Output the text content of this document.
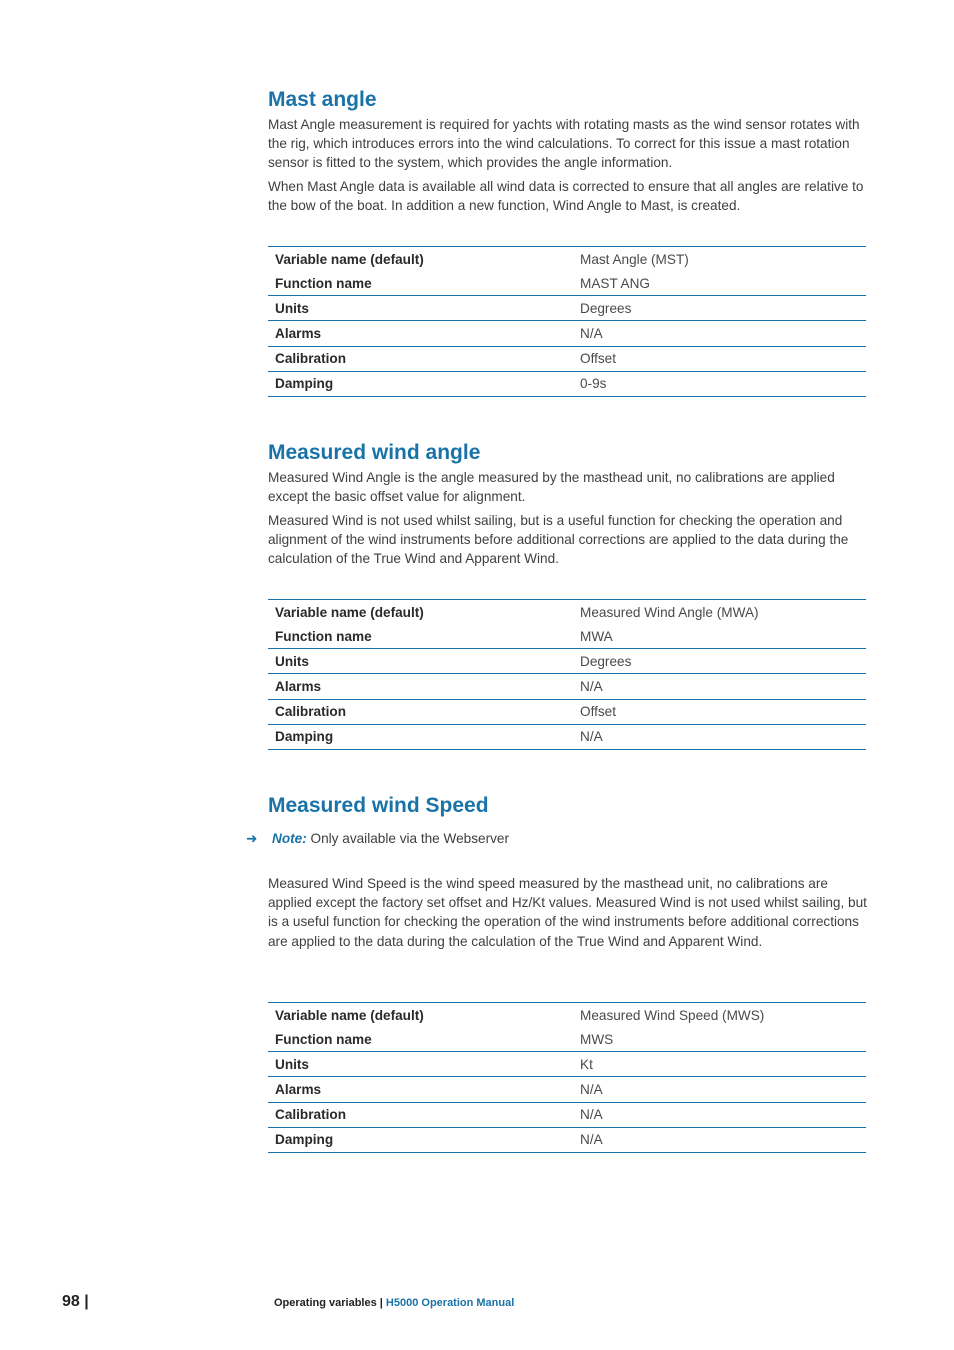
Mast angle

Mast Angle measurement is required for yachts with rotating masts as the wind sensor rotates with the rig, which introduces errors into the wind calculations. To correct for this issue a mast rotation sensor is fitted to the system, which provides the angle information.

When Mast Angle data is available all wind data is corrected to ensure that all angles are relative to the bow of the boat. In addition a new function, Wind Angle to Mast, is created.

Variable name (default)	Mast Angle (MST)
Function name	MAST ANG
Units	Degrees
Alarms	N/A
Calibration	Offset
Damping	0-9s
Measured wind angle

Measured Wind Angle is the angle measured by the masthead unit, no calibrations are applied except the basic offset value for alignment.

Measured Wind is not used whilst sailing, but is a useful function for checking the operation and alignment of the wind instruments before additional corrections are applied to the data during the calculation of the True Wind and Apparent Wind.

Variable name (default)	Measured Wind Angle (MWA)
Function name	MWA
Units	Degrees
Alarms	N/A
Calibration	Offset
Damping	N/A
Measured wind Speed
➜ Note: Only available via the Webserver

Measured Wind Speed is the wind speed measured by the masthead unit, no calibrations are applied except the factory set offset and Hz/Kt values. Measured Wind is not used whilst sailing, but is a useful function for checking the operation of the wind instruments before additional corrections are applied to the data during the calculation of the True Wind and Apparent Wind.

Variable name (default)	Measured Wind Speed (MWS)
Function name	MWS
Units	Kt
Alarms	N/A
Calibration	N/A
Damping	N/A
98 |	Operating variables | H5000 Operation Manual
